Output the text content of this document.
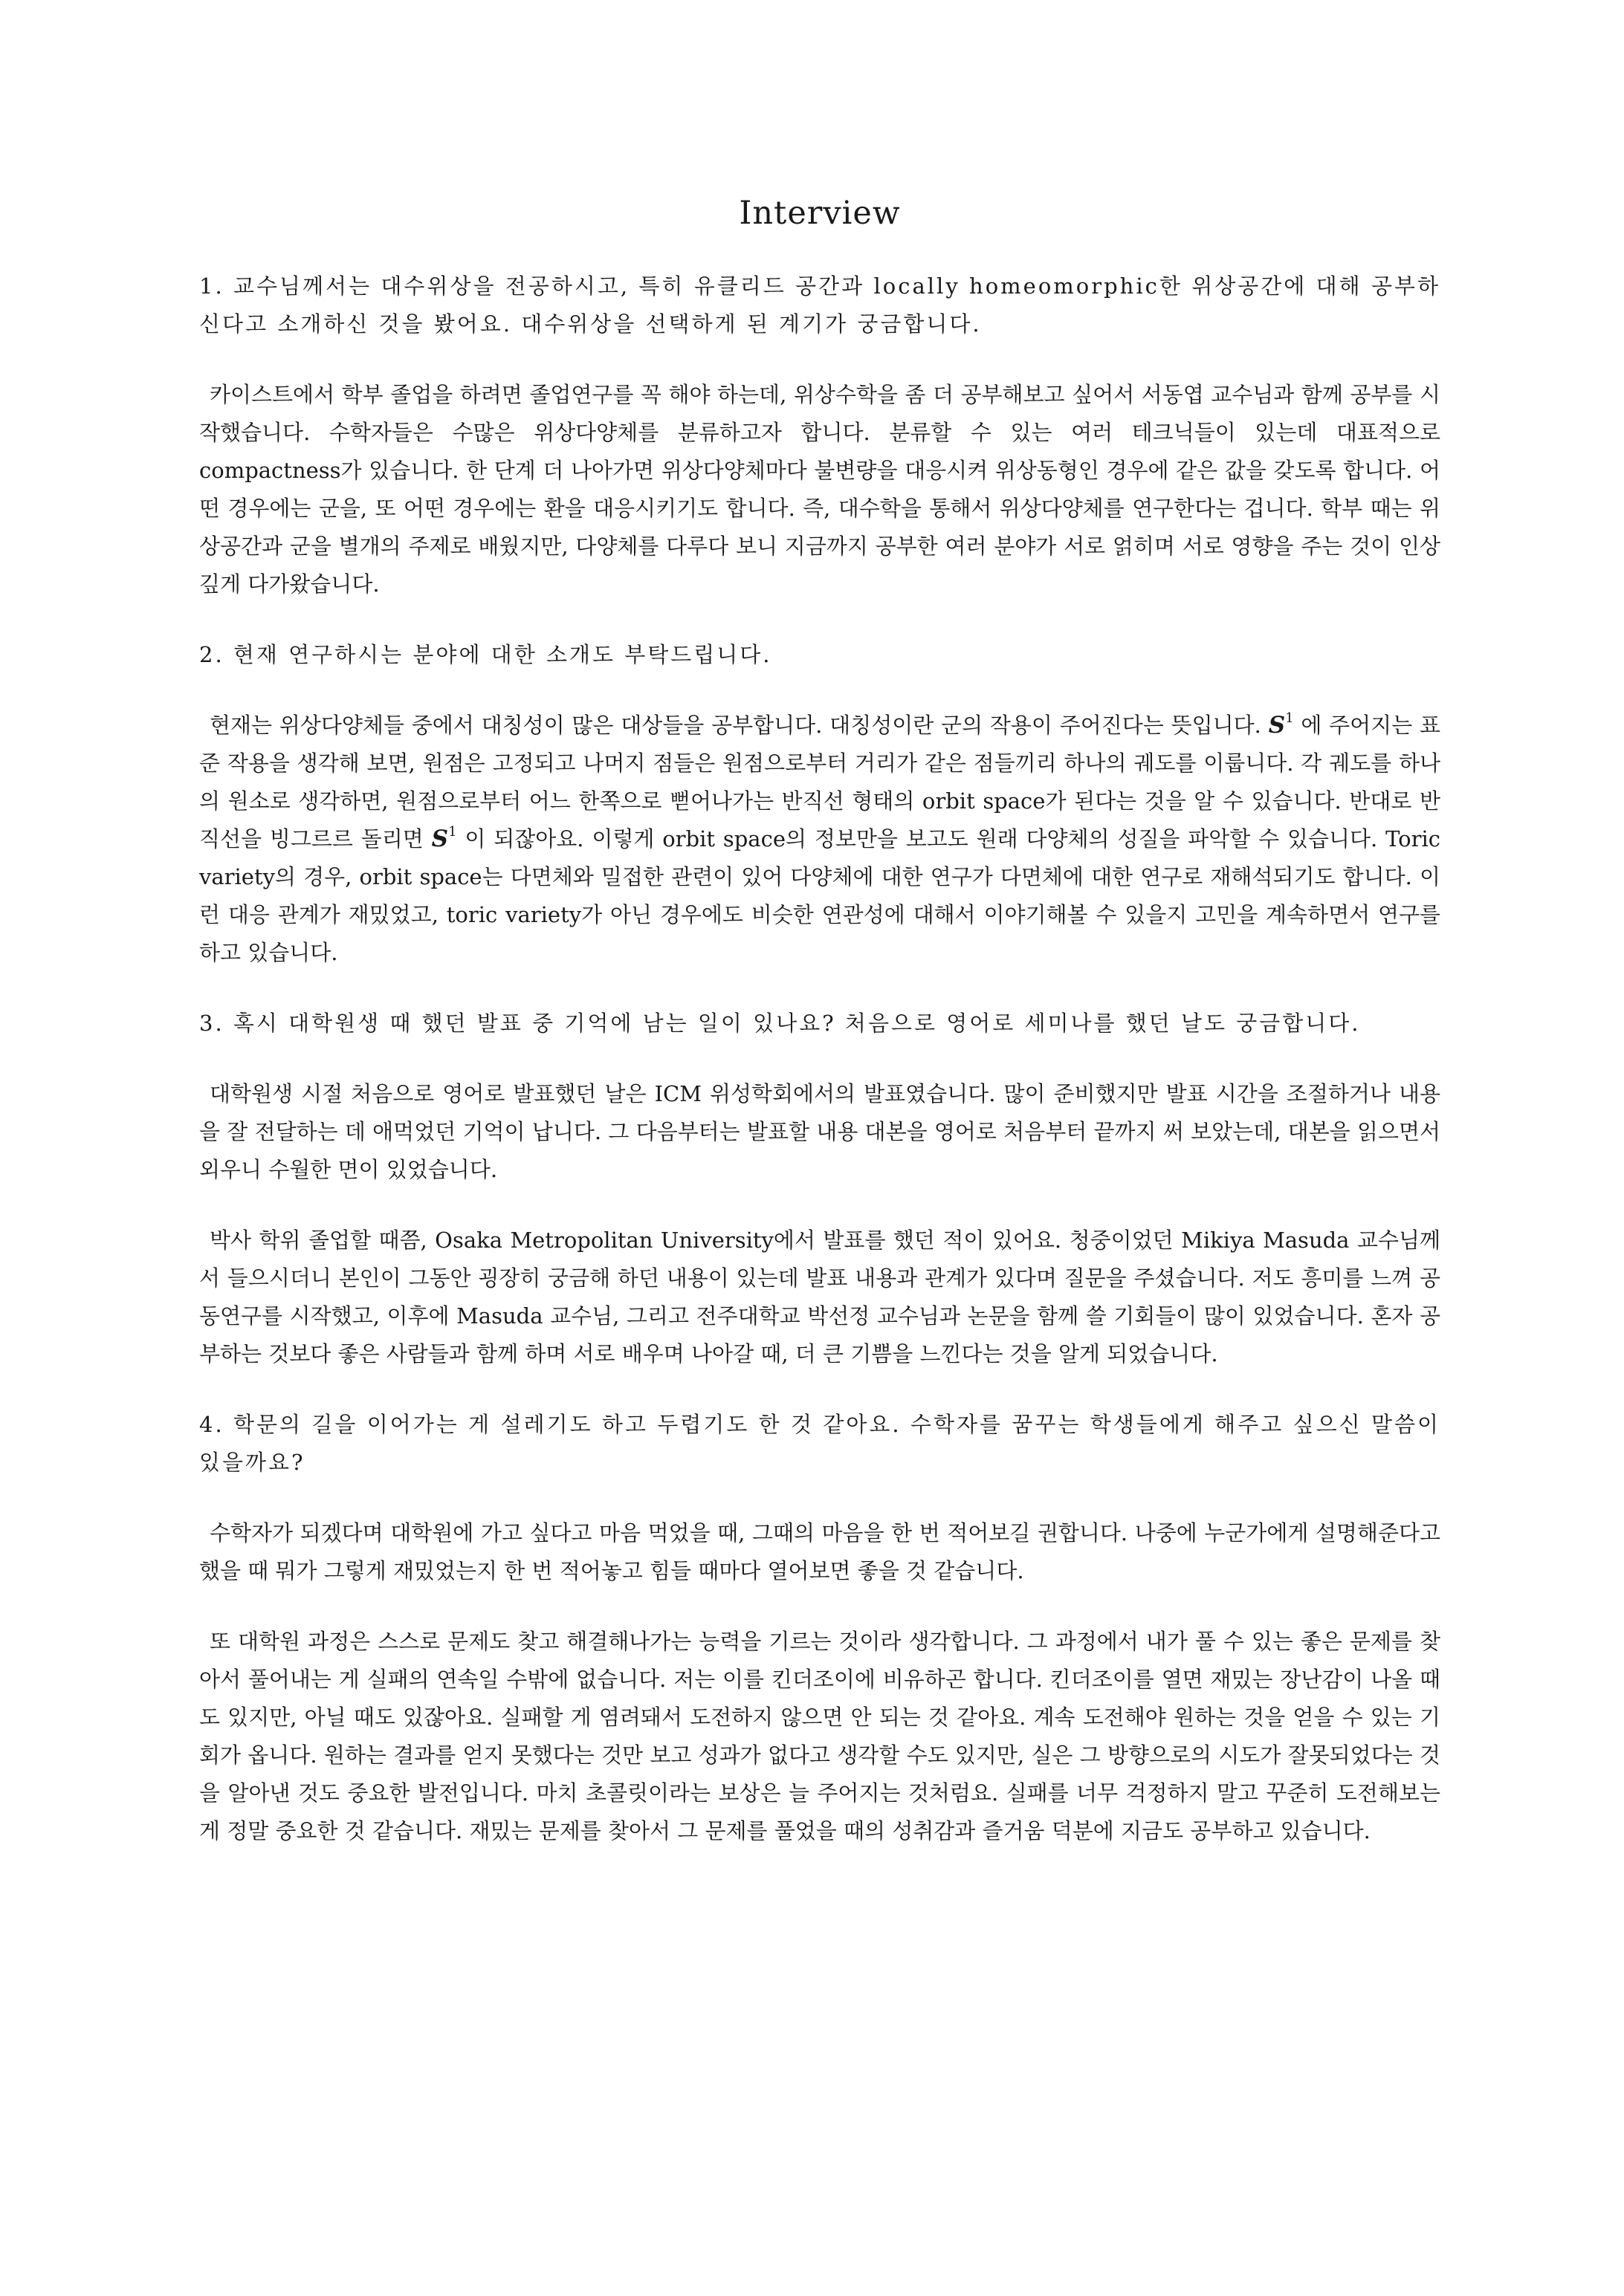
Interview

1. 교수님께서는 대수위상을 전공하시고, 특히 유클리드 공간과 locally homeomorphic한 위상공간에 대해 공부하신다고 소개하신 것을 봤어요. 대수위상을 선택하게 된 계기가 궁금합니다.

카이스트에서 학부 졸업을 하려면 졸업연구를 꼭 해야 하는데, 위상수학을 좀 더 공부해보고 싶어서 서동엽 교수님과 함께 공부를 시작했습니다. 수학자들은 수많은 위상다양체를 분류하고자 합니다. 분류할 수 있는 여러 테크닉들이 있는데 대표적으로 compactness가 있습니다. 한 단계 더 나아가면 위상다양체마다 불변량을 대응시켜 위상동형인 경우에 같은 값을 갖도록 합니다. 어떤 경우에는 군을, 또 어떤 경우에는 환을 대응시키기도 합니다. 즉, 대수학을 통해서 위상다양체를 연구한다는 겁니다. 학부 때는 위상공간과 군을 별개의 주제로 배웠지만, 다양체를 다루다 보니 지금까지 공부한 여러 분야가 서로 얽히며 서로 영향을 주는 것이 인상 깊게 다가왔습니다.

2. 현재 연구하시는 분야에 대한 소개도 부탁드립니다.

현재는 위상다양체들 중에서 대칭성이 많은 대상들을 공부합니다. 대칭성이란 군의 작용이 주어진다는 뜻입니다. $S^1$ 에 주어지는 표준 작용을 생각해 보면, 원점은 고정되고 나머지 점들은 원점으로부터 거리가 같은 점들끼리 하나의 궤도를 이룹니다. 각 궤도를 하나의 원소로 생각하면, 원점으로부터 어느 한쪽으로 뻗어나가는 반직선 형태의 orbit space가 된다는 것을 알 수 있습니다. 반대로 반직선을 빙그르르 돌리면 $S^1$ 이 되잖아요. 이렇게 orbit space의 정보만을 보고도 원래 다양체의 성질을 파악할 수 있습니다. Toric variety의 경우, orbit space는 다면체와 밀접한 관련이 있어 다양체에 대한 연구가 다면체에 대한 연구로 재해석되기도 합니다. 이런 대응 관계가 재밌었고, toric variety가 아닌 경우에도 비슷한 연관성에 대해서 이야기해볼 수 있을지 고민을 계속하면서 연구를 하고 있습니다.

3. 혹시 대학원생 때 했던 발표 중 기억에 남는 일이 있나요? 처음으로 영어로 세미나를 했던 날도 궁금합니다.

대학원생 시절 처음으로 영어로 발표했던 날은 ICM 위성학회에서의 발표였습니다. 많이 준비했지만 발표 시간을 조절하거나 내용을 잘 전달하는 데 애먹었던 기억이 납니다. 그 다음부터는 발표할 내용 대본을 영어로 처음부터 끝까지 써 보았는데, 대본을 읽으면서 외우니 수월한 면이 있었습니다.

박사 학위 졸업할 때쯤, Osaka Metropolitan University에서 발표를 했던 적이 있어요. 청중이었던 Mikiya Masuda 교수님께서 들으시더니 본인이 그동안 굉장히 궁금해 하던 내용이 있는데 발표 내용과 관계가 있다며 질문을 주셨습니다. 저도 흥미를 느껴 공동연구를 시작했고, 이후에 Masuda 교수님, 그리고 전주대학교 박선정 교수님과 논문을 함께 쓸 기회들이 많이 있었습니다. 혼자 공부하는 것보다 좋은 사람들과 함께 하며 서로 배우며 나아갈 때, 더 큰 기쁨을 느낀다는 것을 알게 되었습니다.

4. 학문의 길을 이어가는 게 설레기도 하고 두렵기도 한 것 같아요. 수학자를 꿈꾸는 학생들에게 해주고 싶으신 말씀이 있을까요?

수학자가 되겠다며 대학원에 가고 싶다고 마음 먹었을 때, 그때의 마음을 한 번 적어보길 권합니다. 나중에 누군가에게 설명해준다고 했을 때 뭐가 그렇게 재밌었는지 한 번 적어놓고 힘들 때마다 열어보면 좋을 것 같습니다.

또 대학원 과정은 스스로 문제도 찾고 해결해나가는 능력을 기르는 것이라 생각합니다. 그 과정에서 내가 풀 수 있는 좋은 문제를 찾아서 풀어내는 게 실패의 연속일 수밖에 없습니다. 저는 이를 킨더조이에 비유하곤 합니다. 킨더조이를 열면 재밌는 장난감이 나올 때도 있지만, 아닐 때도 있잖아요. 실패할 게 염려돼서 도전하지 않으면 안 되는 것 같아요. 계속 도전해야 원하는 것을 얻을 수 있는 기회가 옵니다. 원하는 결과를 얻지 못했다는 것만 보고 성과가 없다고 생각할 수도 있지만, 실은 그 방향으로의 시도가 잘못되었다는 것을 알아낸 것도 중요한 발전입니다. 마치 초콜릿이라는 보상은 늘 주어지는 것처럼요. 실패를 너무 걱정하지 말고 꾸준히 도전해보는 게 정말 중요한 것 같습니다. 재밌는 문제를 찾아서 그 문제를 풀었을 때의 성취감과 즐거움 덕분에 지금도 공부하고 있습니다.
